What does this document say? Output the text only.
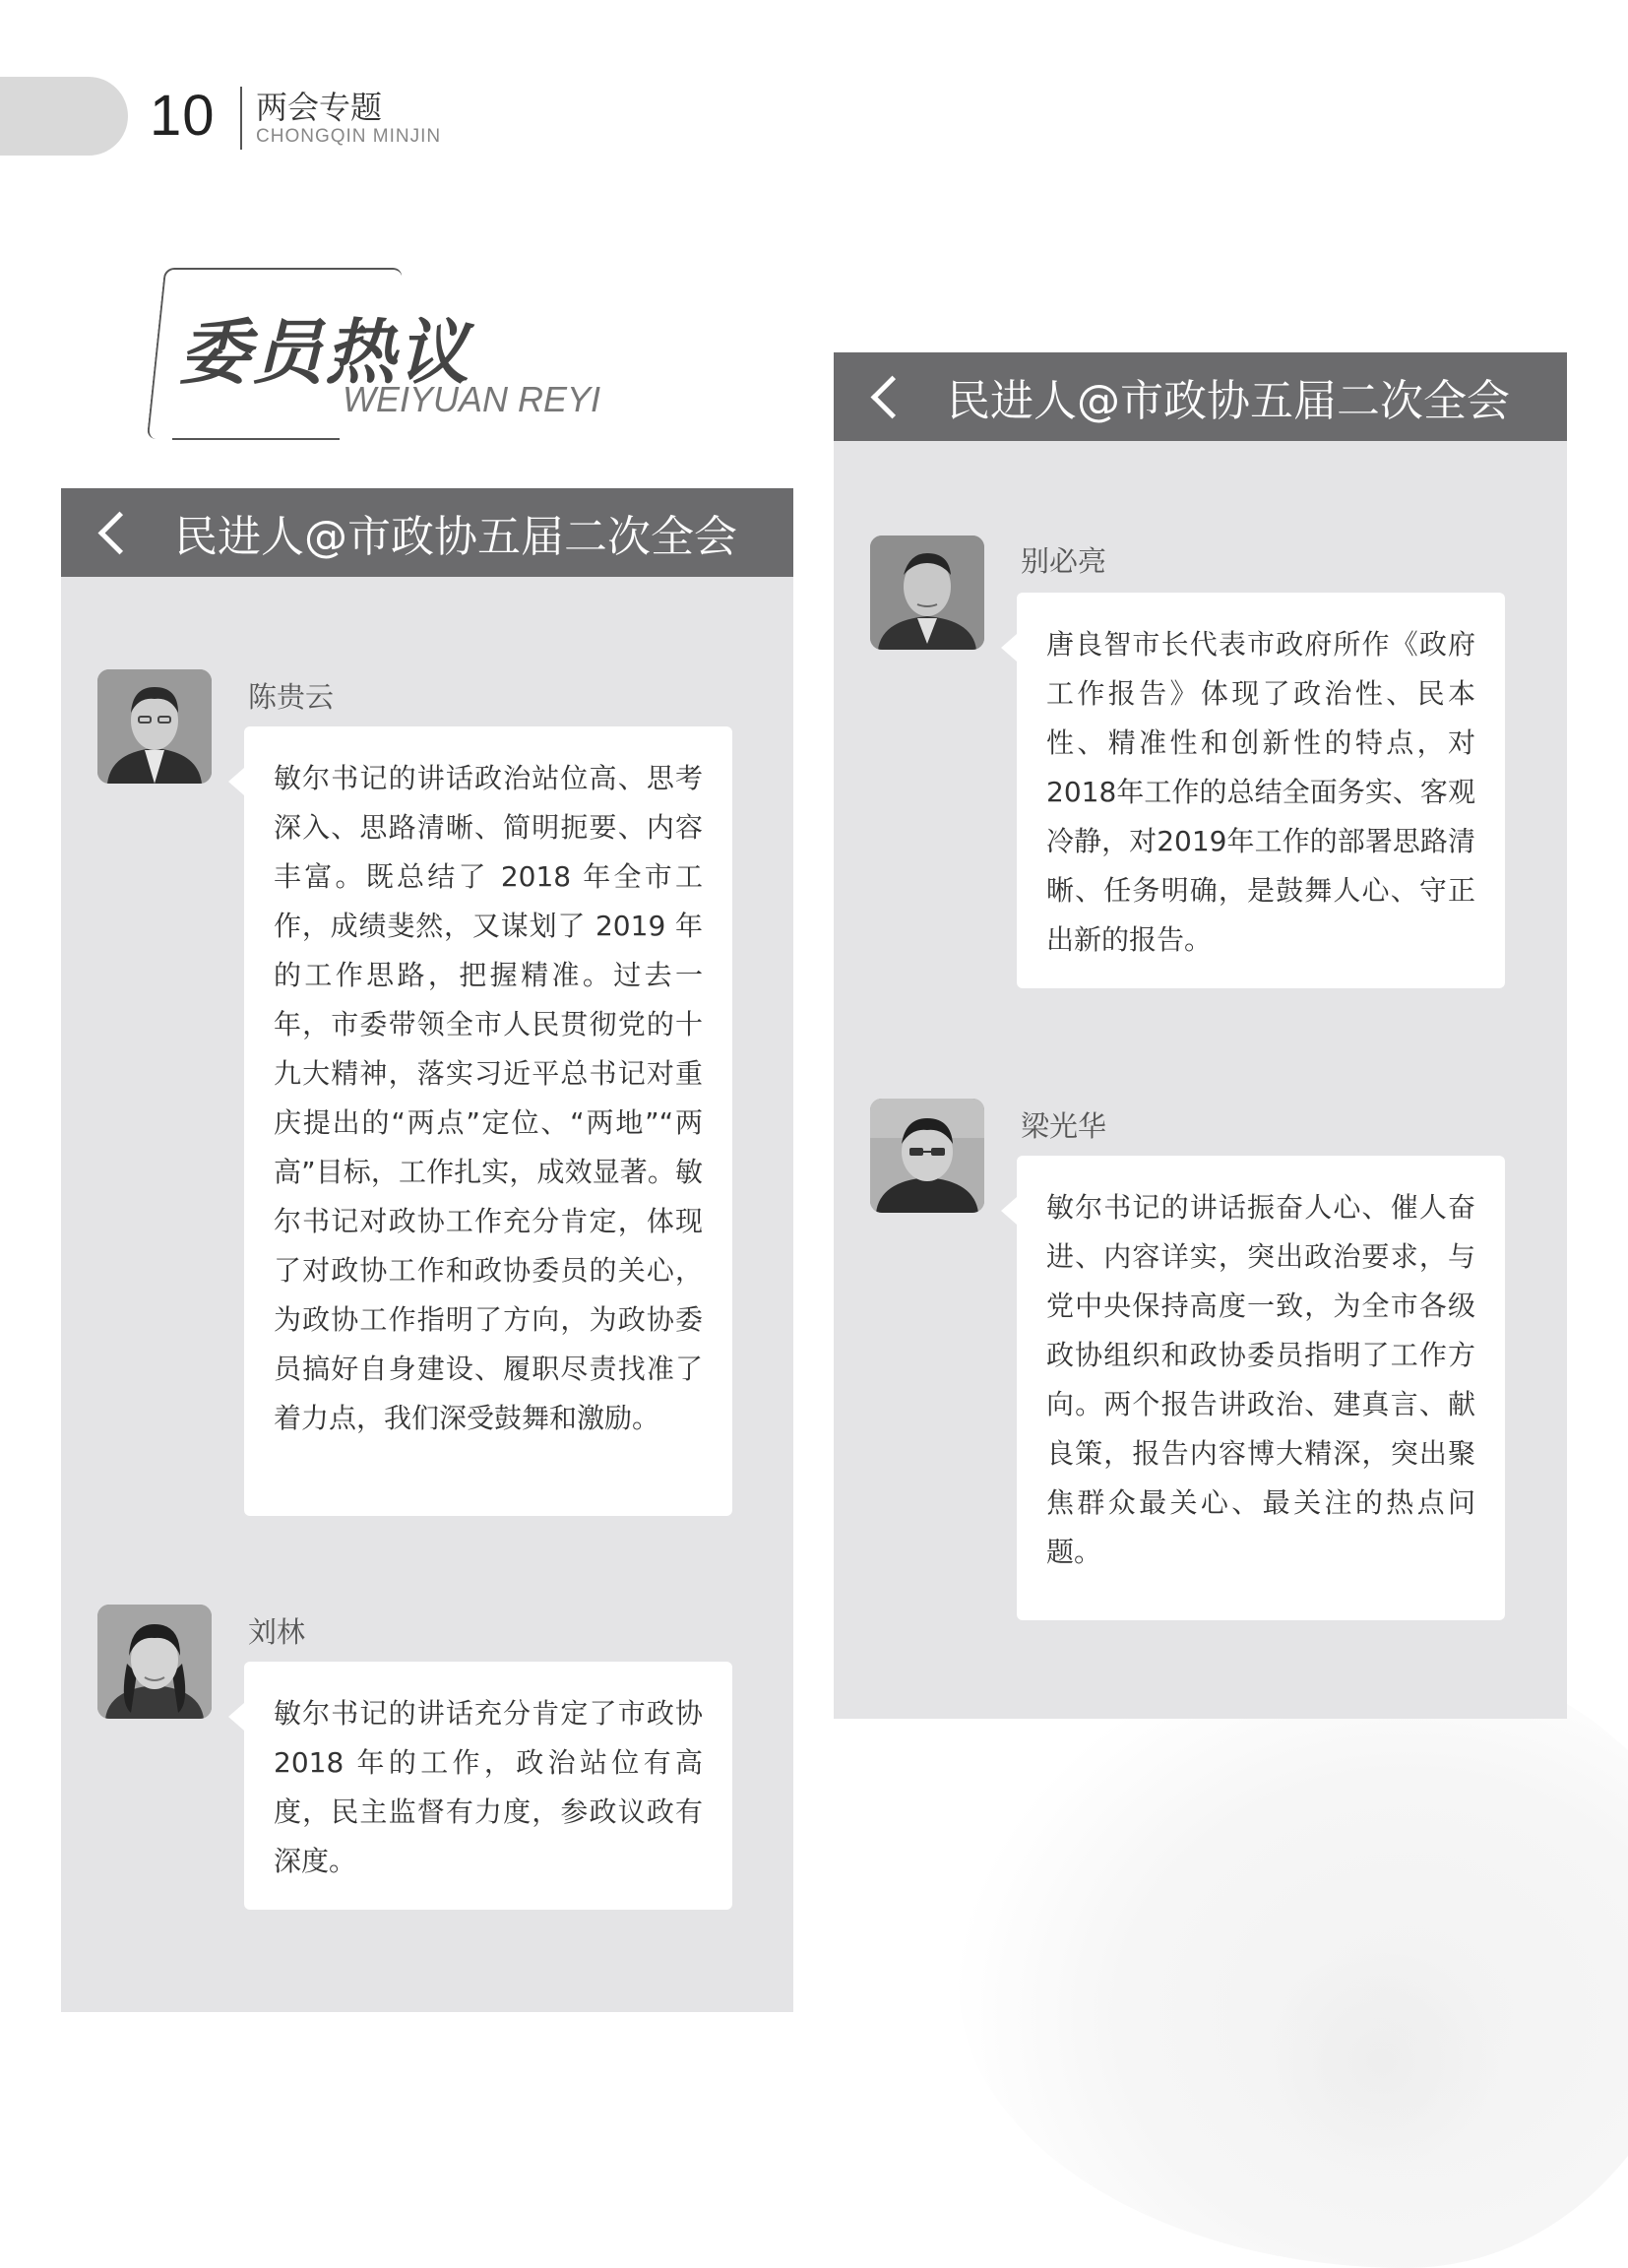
10 两会专题
CHONGQIN MINJIN
委员热议
WEIYUAN REYI
民进人@市政协五届二次全会
陈贵云

敏尔书记的讲话政治站位高、思考深入、思路清晰、简明扼要、内容丰富。既总结了 2018 年全市工作，成绩斐然，又谋划了 2019 年的工作思路，把握精准。过去一年，市委带领全市人民贯彻党的十九大精神，落实习近平总书记对重庆提出的“两点”定位、“两地”“两高”目标，工作扎实，成效显著。敏尔书记对政协工作充分肯定，体现了对政协工作和政协委员的关心，为政协工作指明了方向，为政协委员搞好自身建设、履职尽责找准了着力点，我们深受鼓舞和激励。

刘林

敏尔书记的讲话充分肯定了市政协 2018 年的工作，政治站位有高度，民主监督有力度，参政议政有深度。

民进人@市政协五届二次全会
别必亮

唐良智市长代表市政府所作《政府工作报告》体现了政治性、民本性、精准性和创新性的特点，对2018年工作的总结全面务实、客观冷静，对2019年工作的部署思路清晰、任务明确，是鼓舞人心、守正出新的报告。

梁光华

敏尔书记的讲话振奋人心、催人奋进、内容详实，突出政治要求，与党中央保持高度一致，为全市各级政协组织和政协委员指明了工作方向。两个报告讲政治、建真言、献良策，报告内容博大精深，突出聚焦群众最关心、最关注的热点问题。
